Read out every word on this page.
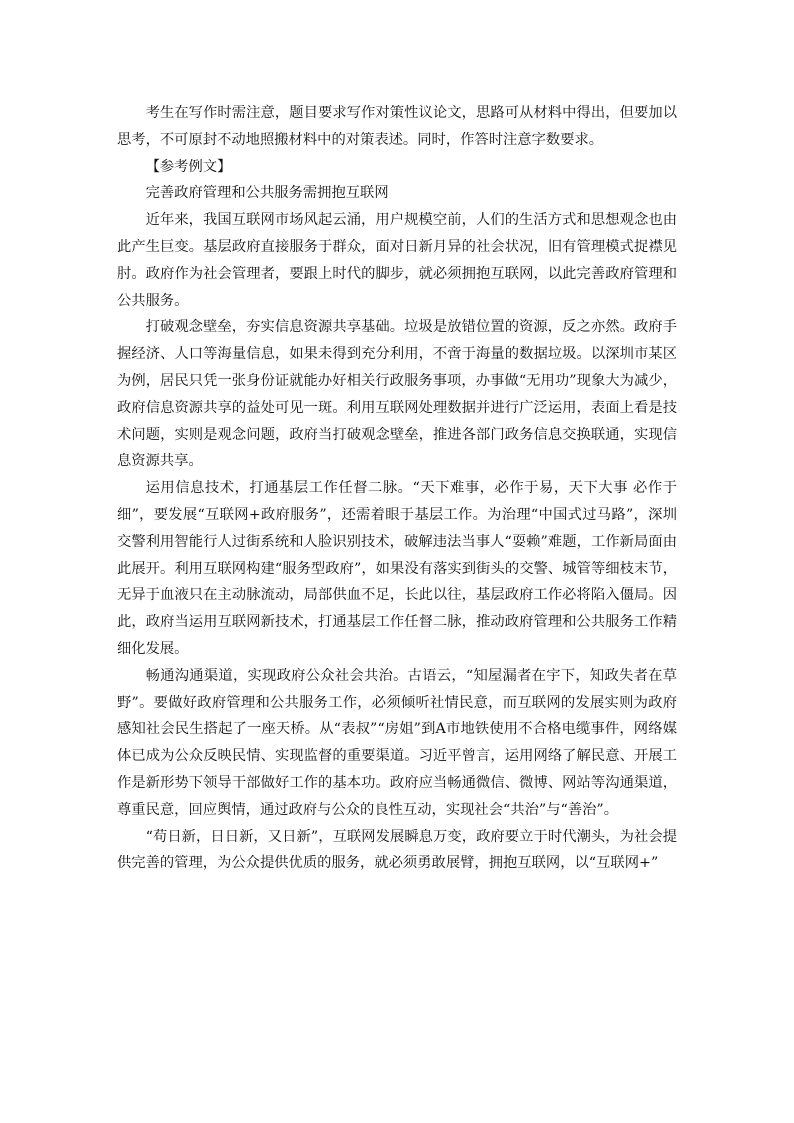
考生在写作时需注意，题目要求写作对策性议论文，思路可从材料中得出，但要加以思考，不可原封不动地照搬材料中的对策表述。同时，作答时注意字数要求。

【参考例文】

完善政府管理和公共服务需拥抱互联网

近年来，我国互联网市场风起云涌，用户规模空前，人们的生活方式和思想观念也由此产生巨变。基层政府直接服务于群众，面对日新月异的社会状况，旧有管理模式捉襟见肘。政府作为社会管理者，要跟上时代的脚步，就必须拥抱互联网，以此完善政府管理和公共服务。

打破观念壁垒，夯实信息资源共享基础。垃圾是放错位置的资源，反之亦然。政府手握经济、人口等海量信息，如果未得到充分利用，不啻于海量的数据垃圾。以深圳市某区为例，居民只凭一张身份证就能办好相关行政服务事项，办事做“无用功”现象大为减少，政府信息资源共享的益处可见一斑。利用互联网处理数据并进行广泛运用，表面上看是技术问题，实则是观念问题，政府当打破观念壁垒，推进各部门政务信息交换联通，实现信息资源共享。

运用信息技术，打通基层工作任督二脉。“天下难事，必作于易，天下大事 必作于细”，要发展“互联网+政府服务”，还需着眼于基层工作。为治理“中国式过马路”，深圳交警利用智能行人过街系统和人脸识别技术，破解违法当事人“耍赖”难题，工作新局面由此展开。利用互联网构建“服务型政府”，如果没有落实到街头的交警、城管等细枝末节，无异于血液只在主动脉流动，局部供血不足，长此以往，基层政府工作必将陷入僵局。因此，政府当运用互联网新技术，打通基层工作任督二脉，推动政府管理和公共服务工作精细化发展。

畅通沟通渠道，实现政府公众社会共治。古语云，“知屋漏者在宇下，知政失者在草野”。要做好政府管理和公共服务工作，必须倾听社情民意，而互联网的发展实则为政府感知社会民生搭起了一座天桥。从“表叔”“房姐”到A市地铁使用不合格电缆事件，网络媒体已成为公众反映民情、实现监督的重要渠道。习近平曾言，运用网络了解民意、开展工作是新形势下领导干部做好工作的基本功。政府应当畅通微信、微博、网站等沟通渠道，尊重民意，回应舆情，通过政府与公众的良性互动，实现社会“共治”与“善治”。

“苟日新，日日新，又日新”，互联网发展瞬息万变，政府要立于时代潮头，为社会提供完善的管理，为公众提供优质的服务，就必须勇敢展臂，拥抱互联网，以“互联网+”
